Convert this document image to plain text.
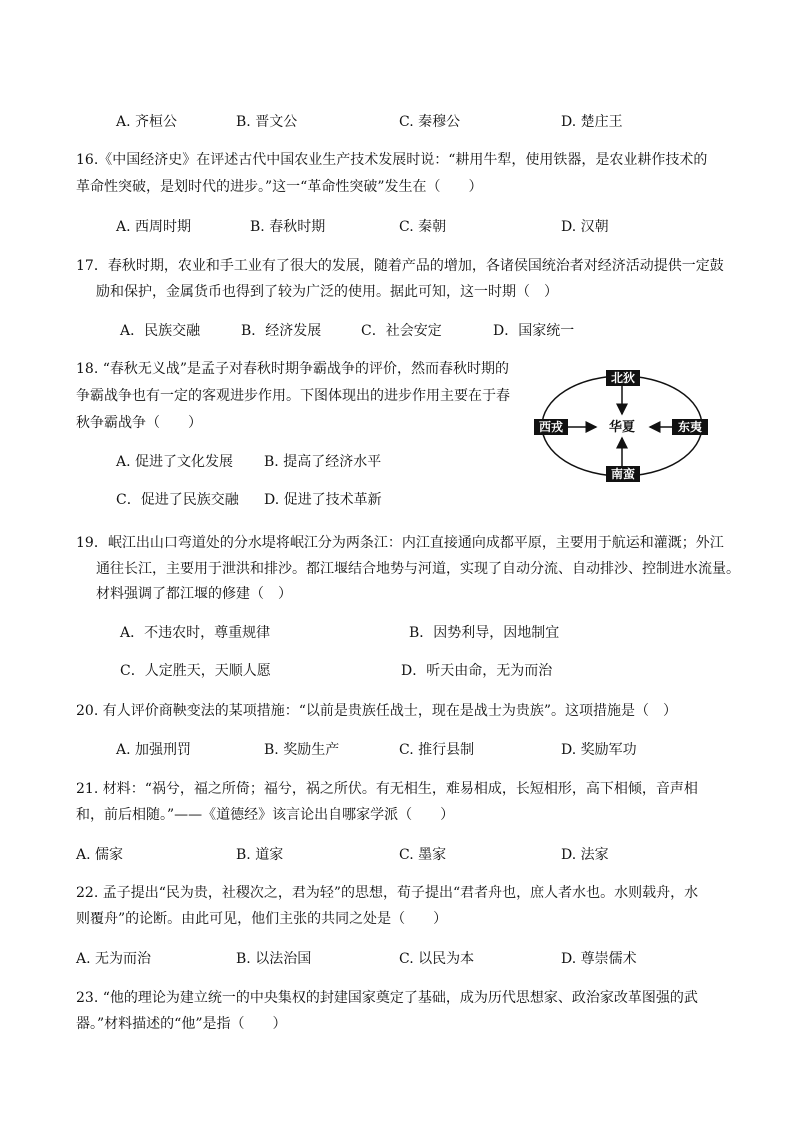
A. 齐桓公	B. 晋文公	C. 秦穆公	D. 楚庄王
16.《中国经济史》在评述古代中国农业生产技术发展时说：“耕用牛犁，使用铁器，是农业耕作技术的
革命性突破，是划时代的进步。”这一“革命性突破”发生在（　　）
A. 西周时期	B. 春秋时期	C. 秦朝	D. 汉朝
17．春秋时期，农业和手工业有了很大的发展，随着产品的增加，各诸侯国统治者对经济活动提供一定鼓
励和保护，金属货币也得到了较为广泛的使用。据此可知，这一时期（　）
A．民族交融	B．经济发展	C．社会安定	D．国家统一
18. “春秋无义战”是孟子对春秋时期争霸战争的评价，然而春秋时期的
争霸战争也有一定的客观进步作用。下图体现出的进步作用主要在于春
秋争霸战争（　　）
A. 促进了文化发展 B. 提高了经济水平
C．促进了民族交融 D. 促进了技术革新
北狄
南蛮
西戎	东夷
华夏
19．岷江出山口弯道处的分水堤将岷江分为两条江：内江直接通向成都平原，主要用于航运和灌溉；外江
通往长江，主要用于泄洪和排沙。都江堰结合地势与河道，实现了自动分流、自动排沙、控制进水流量。
材料强调了都江堰的修建（　）
A．不违农时，尊重规律	B．因势利导，因地制宜
C．人定胜天，天顺人愿	D．听天由命，无为而治
20. 有人评价商鞅变法的某项措施：“以前是贵族任战士，现在是战士为贵族”。这项措施是（　）
A. 加强刑罚	B. 奖励生产	C. 推行县制	D. 奖励军功
21. 材料：“祸兮，福之所倚；福兮，祸之所伏。有无相生，难易相成，长短相形，高下相倾，音声相
和，前后相随。”——《道德经》该言论出自哪家学派（　　）
A. 儒家	B. 道家	C. 墨家	D. 法家
22. 孟子提出“民为贵，社稷次之，君为轻”的思想，荀子提出“君者舟也，庶人者水也。水则载舟，水
则覆舟”的论断。由此可见，他们主张的共同之处是（　　）
A. 无为而治	B. 以法治国	C. 以民为本	D. 尊崇儒术
23. “他的理论为建立统一的中央集权的封建国家奠定了基础，成为历代思想家、政治家改革图强的武
器。”材料描述的“他”是指（　　）
